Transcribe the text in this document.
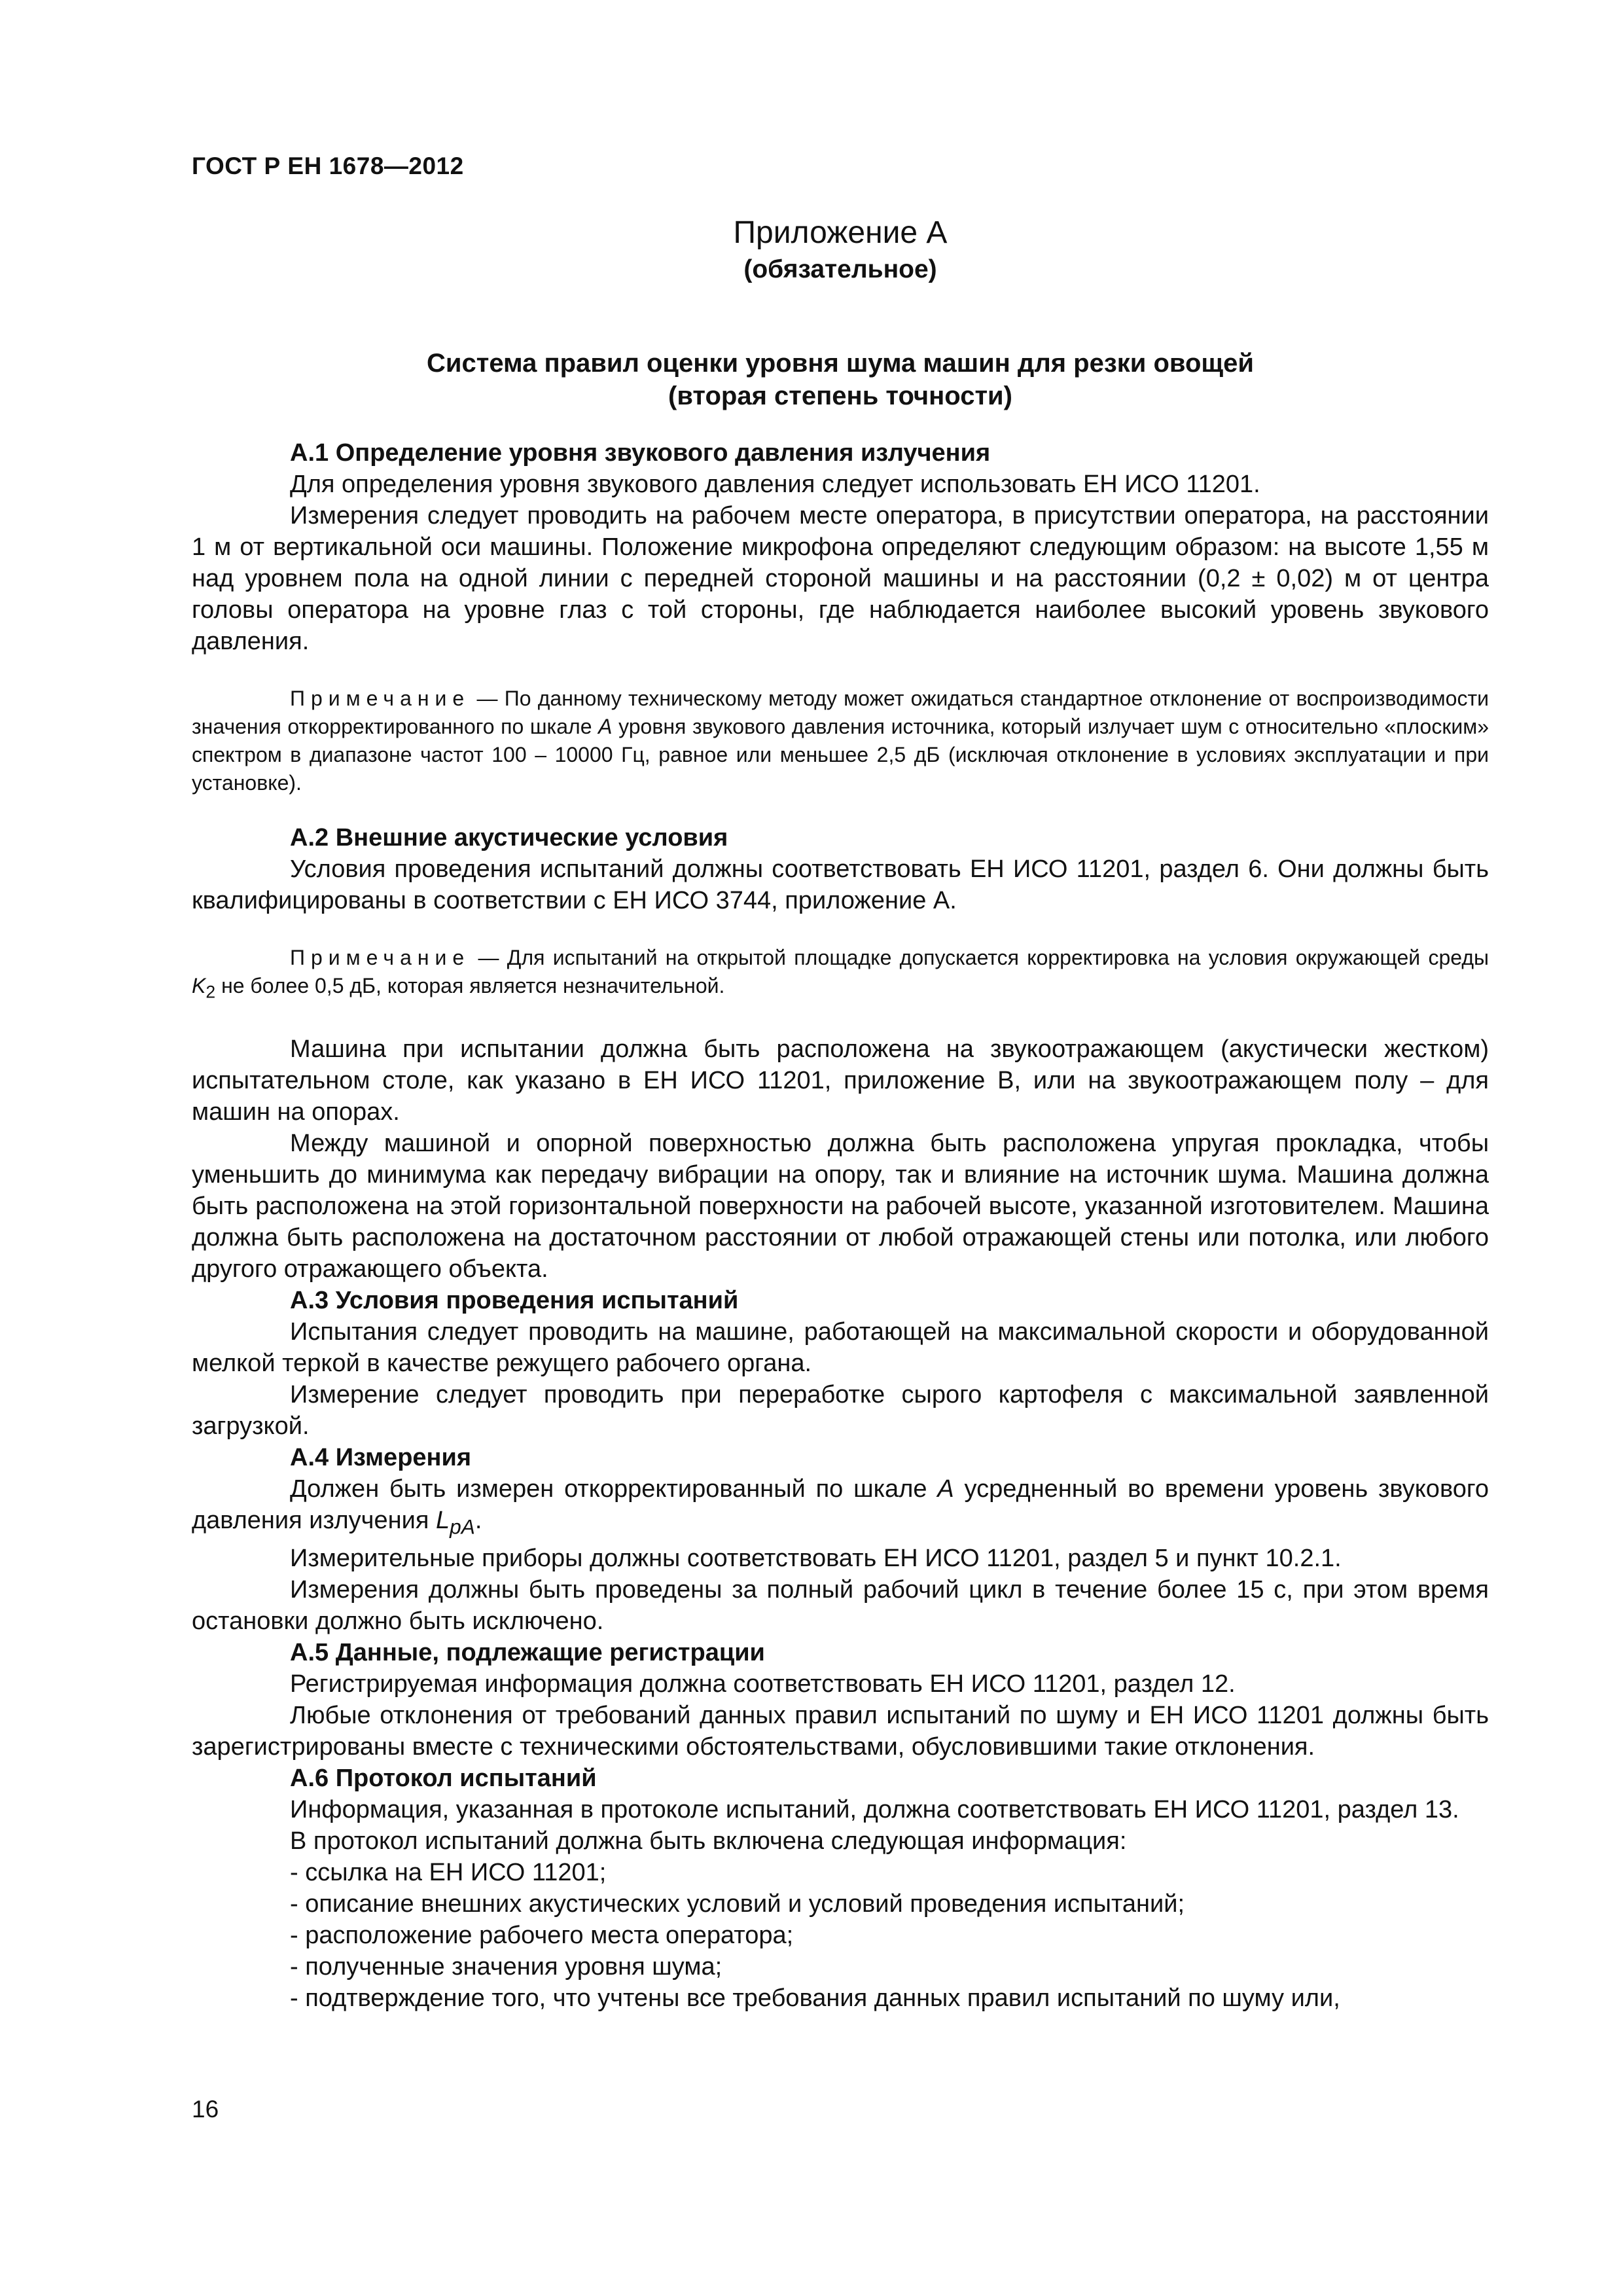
ГОСТ Р ЕН 1678—2012
Приложение А
(обязательное)
Система правил оценки уровня шума машин для резки овощей
(вторая степень точности)

А.1 Определение уровня звукового давления излучения

Для определения уровня звукового давления следует использовать ЕН ИСО 11201.

Измерения следует проводить на рабочем месте оператора, в присутствии оператора, на расстоянии 1 м от вертикальной оси машины. Положение микрофона определяют следующим образом: на высоте 1,55 м над уровнем пола на одной линии с передней стороной машины и на расстоянии (0,2 ± 0,02) м от центра головы оператора на уровне глаз с той стороны, где наблюдается наиболее высокий уровень звукового давления.

Примечание — По данному техническому методу может ожидаться стандартное отклонение от воспроизводимости значения откорректированного по шкале А уровня звукового давления источника, который излучает шум с относительно «плоским» спектром в диапазоне частот 100 – 10000 Гц, равное или меньшее 2,5 дБ (исключая отклонение в условиях эксплуатации и при установке).

А.2 Внешние акустические условия

Условия проведения испытаний должны соответствовать ЕН ИСО 11201, раздел 6. Они должны быть квалифицированы в соответствии с ЕН ИСО 3744, приложение А.

Примечание — Для испытаний на открытой площадке допускается корректировка на условия окружающей среды $K_2$ не более 0,5 дБ, которая является незначительной.

Машина при испытании должна быть расположена на звукоотражающем (акустически жестком) испытательном столе, как указано в ЕН ИСО 11201, приложение В, или на звукоотражающем полу – для машин на опорах.

Между машиной и опорной поверхностью должна быть расположена упругая прокладка, чтобы уменьшить до минимума как передачу вибрации на опору, так и влияние на источник шума. Машина должна быть расположена на этой горизонтальной поверхности на рабочей высоте, указанной изготовителем. Машина должна быть расположена на достаточном расстоянии от любой отражающей стены или потолка, или любого другого отражающего объекта.

А.3 Условия проведения испытаний

Испытания следует проводить на машине, работающей на максимальной скорости и оборудованной мелкой теркой в качестве режущего рабочего органа.

Измерение следует проводить при переработке сырого картофеля с максимальной заявленной загрузкой.

А.4 Измерения

Должен быть измерен откорректированный по шкале А усредненный во времени уровень звукового давления излучения $L_{pA}$.

Измерительные приборы должны соответствовать ЕН ИСО 11201, раздел 5 и пункт 10.2.1.

Измерения должны быть проведены за полный рабочий цикл в течение более 15 с, при этом время остановки должно быть исключено.

А.5 Данные, подлежащие регистрации

Регистрируемая информация должна соответствовать ЕН ИСО 11201, раздел 12.

Любые отклонения от требований данных правил испытаний по шуму и ЕН ИСО 11201 должны быть зарегистрированы вместе с техническими обстоятельствами, обусловившими такие отклонения.

А.6 Протокол испытаний

Информация, указанная в протоколе испытаний, должна соответствовать ЕН ИСО 11201, раздел 13.

В протокол испытаний должна быть включена следующая информация:

- ссылка на ЕН ИСО 11201;
- описание внешних акустических условий и условий проведения испытаний;
- расположение рабочего места оператора;
- полученные значения уровня шума;
- подтверждение того, что учтены все требования данных правил испытаний по шуму или,
16
